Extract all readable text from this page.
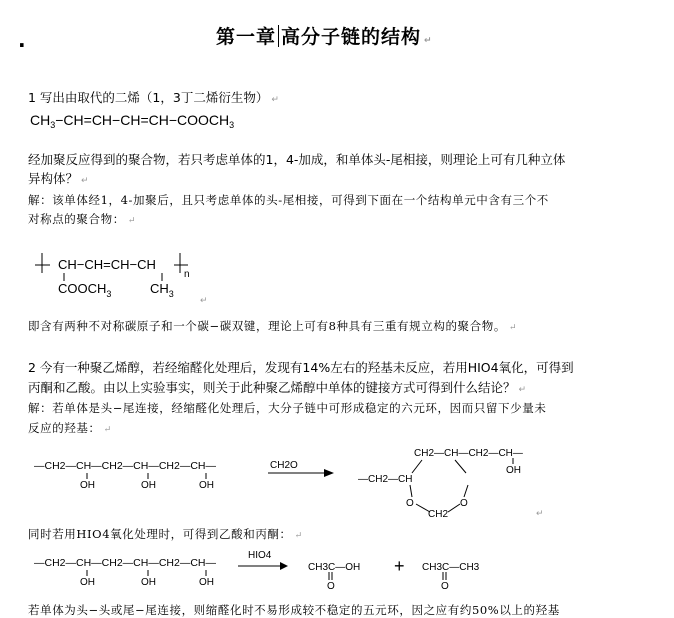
.	第一章 高分子链的结构 ↵
1 写出由取代的二烯（1，3丁二烯衍生物） ↵
$CH_3-CH=CH-CH=CH-COOCH_3$
经加聚反应得到的聚合物，若只考虑单体的1，4-加成，和单体头-尾相接，则理论上可有几种立体
异构体？ ↵
解：该单体经1，4-加聚后，且只考虑单体的头-尾相接，可得到下面在一个结构单元中含有三个不
对称点的聚合物： ↵
CH−CH=CH−CH
n
$COOCH_3$	$CH_3$
↵
即含有两种不对称碳原子和一个碳−碳双键，理论上可有8种具有三重有规立构的聚合物。 ↵
2 今有一种聚乙烯醇，若经缩醛化处理后，发现有14%左右的羟基未反应，若用HIO4氧化，可得到
丙酮和乙酸。由以上实验事实，则关于此种聚乙烯醇中单体的键接方式可得到什么结论？ ↵
解：若单体是头−尾连接，经缩醛化处理后，大分子链中可形成稳定的六元环，因而只留下少量未
反应的羟基： ↵
—CH2—CH—CH2—CH—CH2—CH—
OH	OH	OH
CH2O
CH2—CH—CH2—CH—
OH
—CH2—CH
O	O
CH2	↵
同时若用HIO4氧化处理时，可得到乙酸和丙酮： ↵
—CH2—CH—CH2—CH—CH2—CH—
OH	OH	OH
HIO4
CH3C—OH
O
+ CH3C—CH3
O
若单体为头−头或尾−尾连接，则缩醛化时不易形成较不稳定的五元环，因之应有约50%以上的羟基
